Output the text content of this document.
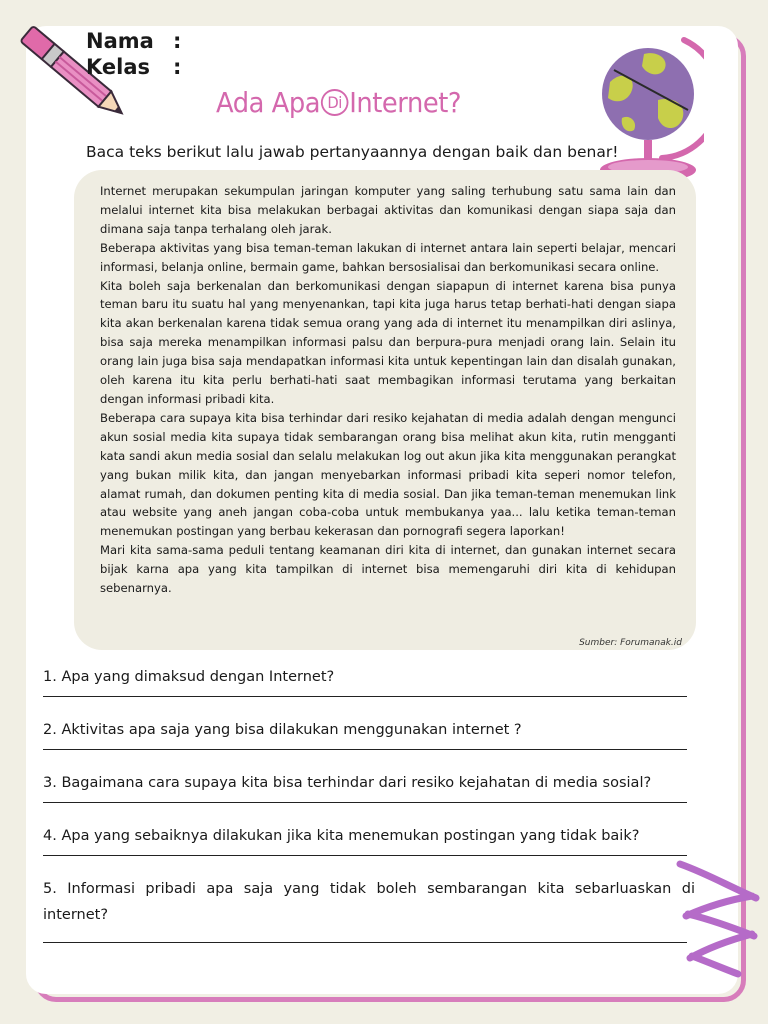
Nama :
Kelas	:
Ada Apa Di Internet?
Baca teks berikut lalu jawab pertanyaannya dengan baik dan benar!

Internet merupakan sekumpulan jaringan komputer yang saling terhubung satu sama lain dan melalui internet kita bisa melakukan berbagai aktivitas dan komunikasi dengan siapa saja dan dimana saja tanpa terhalang oleh jarak.

Beberapa aktivitas yang bisa teman-teman lakukan di internet antara lain seperti belajar, mencari informasi, belanja online, bermain game, bahkan bersosialisai dan berkomunikasi secara online.

Kita boleh saja berkenalan dan berkomunikasi dengan siapapun di internet karena bisa punya teman baru itu suatu hal yang menyenankan, tapi kita juga harus tetap berhati-hati dengan siapa kita akan berkenalan karena tidak semua orang yang ada di internet itu menampilkan diri aslinya, bisa saja mereka menampilkan informasi palsu dan berpura-pura menjadi orang lain. Selain itu orang lain juga bisa saja mendapatkan informasi kita untuk kepentingan lain dan disalah gunakan, oleh karena itu kita perlu berhati-hati saat membagikan informasi terutama yang berkaitan dengan informasi pribadi kita.

Beberapa cara supaya kita bisa terhindar dari resiko kejahatan di media adalah dengan mengunci akun sosial media kita supaya tidak sembarangan orang bisa melihat akun kita, rutin mengganti kata sandi akun media sosial dan selalu melakukan log out akun jika kita menggunakan perangkat yang bukan milik kita, dan jangan menyebarkan informasi pribadi kita seperi nomor telefon, alamat rumah, dan dokumen penting kita di media sosial. Dan jika teman-teman menemukan link atau website yang aneh jangan coba-coba untuk membukanya yaa... lalu ketika teman-teman menemukan postingan yang berbau kekerasan dan pornografi segera laporkan!

Mari kita sama-sama peduli tentang keamanan diri kita di internet, dan gunakan internet secara bijak karna apa yang kita tampilkan di internet bisa memengaruhi diri kita di kehidupan sebenarnya.

Sumber: Forumanak.id
1. Apa yang dimaksud dengan Internet?
2. Aktivitas apa saja yang bisa dilakukan menggunakan internet ?
3. Bagaimana cara supaya kita bisa terhindar dari resiko kejahatan di media sosial?
4. Apa yang sebaiknya dilakukan jika kita menemukan postingan yang tidak baik?
5. Informasi pribadi apa saja yang tidak boleh sembarangan kita sebarluaskan di internet?
